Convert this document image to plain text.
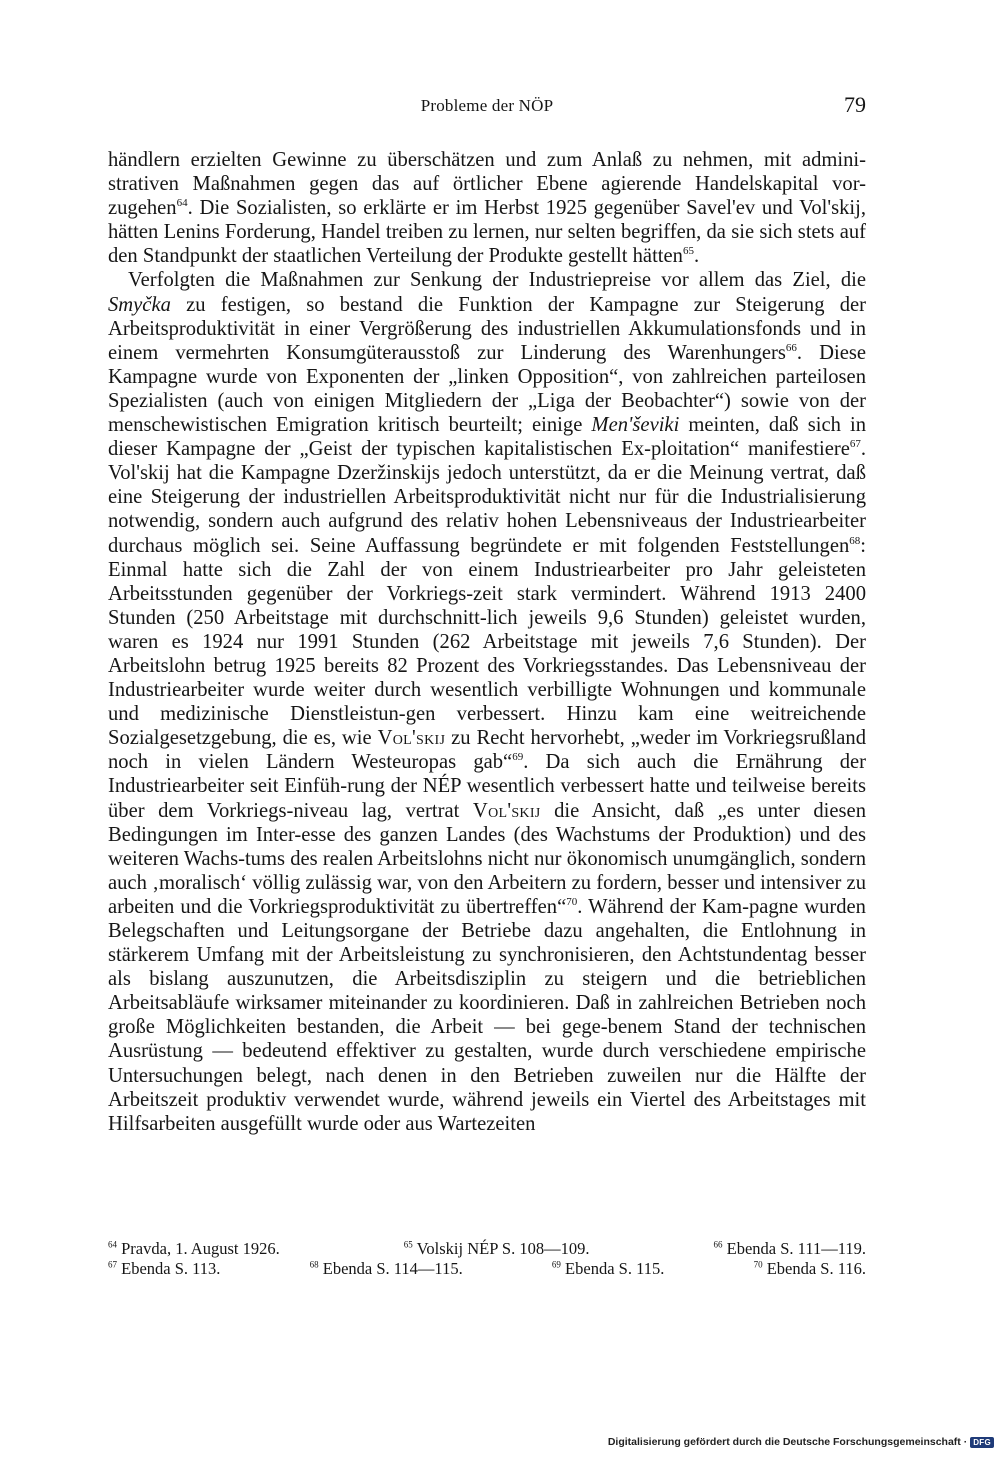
Probleme der NÖP	79

händlern erzielten Gewinne zu überschätzen und zum Anlaß zu nehmen, mit admini-strativen Maßnahmen gegen das auf örtlicher Ebene agierende Handelskapital vor-zugehen$^{64}$. Die Sozialisten, so erklärte er im Herbst 1925 gegenüber Savel'ev und Vol'skij, hätten Lenins Forderung, Handel treiben zu lernen, nur selten begriffen, da sie sich stets auf den Standpunkt der staatlichen Verteilung der Produkte gestellt hätten$^{65}$.

Verfolgten die Maßnahmen zur Senkung der Industriepreise vor allem das Ziel, die Smyčka zu festigen, so bestand die Funktion der Kampagne zur Steigerung der Arbeitsproduktivität in einer Vergrößerung des industriellen Akkumulationsfonds und in einem vermehrten Konsumgüterausstoß zur Linderung des Warenhungers$^{66}$. Diese Kampagne wurde von Exponenten der „linken Opposition“, von zahlreichen parteilosen Spezialisten (auch von einigen Mitgliedern der „Liga der Beobachter“) sowie von der menschewistischen Emigration kritisch beurteilt; einige Men'ševiki meinten, daß sich in dieser Kampagne der „Geist der typischen kapitalistischen Ex-ploitation“ manifestiere$^{67}$. Vol'skij hat die Kampagne Dzeržinskijs jedoch unterstützt, da er die Meinung vertrat, daß eine Steigerung der industriellen Arbeitsproduktivität nicht nur für die Industrialisierung notwendig, sondern auch aufgrund des relativ hohen Lebensniveaus der Industriearbeiter durchaus möglich sei. Seine Auffassung begründete er mit folgenden Feststellungen$^{68}$: Einmal hatte sich die Zahl der von einem Industriearbeiter pro Jahr geleisteten Arbeitsstunden gegenüber der Vorkriegs-zeit stark vermindert. Während 1913 2400 Stunden (250 Arbeitstage mit durchschnitt-lich jeweils 9,6 Stunden) geleistet wurden, waren es 1924 nur 1991 Stunden (262 Arbeitstage mit jeweils 7,6 Stunden). Der Arbeitslohn betrug 1925 bereits 82 Prozent des Vorkriegsstandes. Das Lebensniveau der Industriearbeiter wurde weiter durch wesentlich verbilligte Wohnungen und kommunale und medizinische Dienstleistun-gen verbessert. Hinzu kam eine weitreichende Sozialgesetzgebung, die es, wie Vol'skij zu Recht hervorhebt, „weder im Vorkriegsrußland noch in vielen Ländern Westeuropas gab“$^{69}$. Da sich auch die Ernährung der Industriearbeiter seit Einfüh-rung der NÉP wesentlich verbessert hatte und teilweise bereits über dem Vorkriegs-niveau lag, vertrat Vol'skij die Ansicht, daß „es unter diesen Bedingungen im Inter-esse des ganzen Landes (des Wachstums der Produktion) und des weiteren Wachs-tums des realen Arbeitslohns nicht nur ökonomisch unumgänglich, sondern auch ‚moralisch‘ völlig zulässig war, von den Arbeitern zu fordern, besser und intensiver zu arbeiten und die Vorkriegsproduktivität zu übertreffen“$^{70}$. Während der Kam-pagne wurden Belegschaften und Leitungsorgane der Betriebe dazu angehalten, die Entlohnung in stärkerem Umfang mit der Arbeitsleistung zu synchronisieren, den Achtstundentag besser als bislang auszunutzen, die Arbeitsdisziplin zu steigern und die betrieblichen Arbeitsabläufe wirksamer miteinander zu koordinieren. Daß in zahlreichen Betrieben noch große Möglichkeiten bestanden, die Arbeit — bei gege-benem Stand der technischen Ausrüstung — bedeutend effektiver zu gestalten, wurde durch verschiedene empirische Untersuchungen belegt, nach denen in den Betrieben zuweilen nur die Hälfte der Arbeitszeit produktiv verwendet wurde, während jeweils ein Viertel des Arbeitstages mit Hilfsarbeiten ausgefüllt wurde oder aus Wartezeiten

$^{64}$ Pravda, 1. August 1926.	$^{65}$ Volskij NÉP S. 108—109.	$^{66}$ Ebenda S. 111—119.
$^{67}$ Ebenda S. 113.	$^{68}$ Ebenda S. 114—115.	$^{69}$ Ebenda S. 115.	$^{70}$ Ebenda S. 116.
Digitalisierung gefördert durch die Deutsche Forschungsgemeinschaft · DFG
